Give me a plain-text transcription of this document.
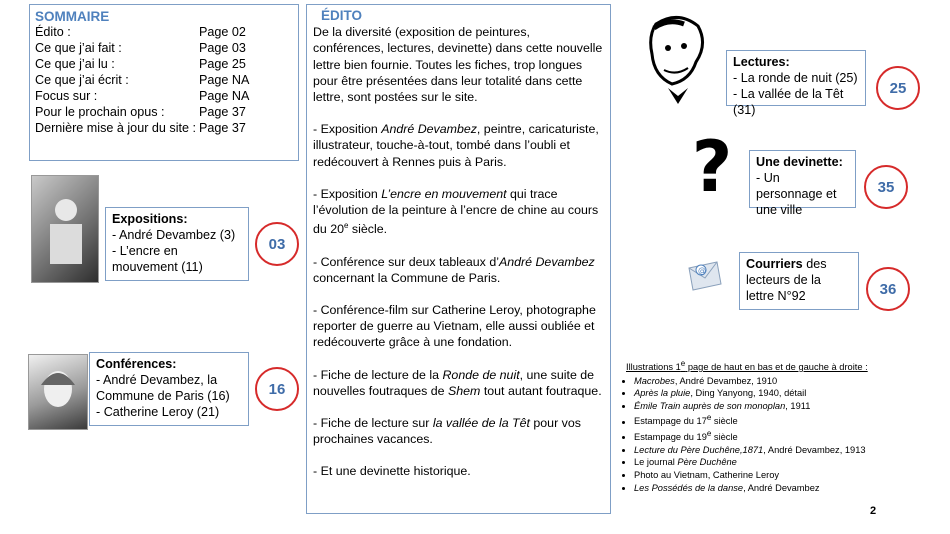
SOMMAIRE
Édito :	Page 02
Ce que j’ai fait :	Page 03
Ce que j’ai lu :	Page 25
Ce que j’ai écrit :	Page NA
Focus sur :	Page NA
Pour le prochain opus :	Page 37
Dernière mise à jour du site : Page 37
ÉDITO

De la diversité (exposition de peintures, conférences, lectures, devinette) dans cette nouvelle lettre bien fournie. Toutes les fiches, trop longues pour être présentées dans leur totalité dans cette lettre, sont postées sur le site.

- Exposition André Devambez, peintre, caricaturiste, illustrateur, touche-à-tout, tombé dans l’oubli et redécouvert à Rennes puis à Paris.

- Exposition L’encre en mouvement qui trace l’évolution de la peinture à l’encre de chine au cours du 20e siècle.

- Conférence sur deux tableaux d’André Devambez concernant la Commune de Paris.

- Conférence-film sur Catherine Leroy, photographe reporter de guerre au Vietnam, elle aussi oubliée et redécouverte grâce à une fondation.

- Fiche de lecture de la Ronde de nuit, une suite de nouvelles foutraques de Shem tout autant foutraque.

- Fiche de lecture sur la vallée de la Têt pour vos prochaines vacances.

- Et une devinette historique.

Expositions:
- André Devambez (3)
- L’encre en mouvement (11)
03
Conférences:
- André Devambez, la Commune de Paris (16)
- Catherine Leroy (21)
16
Lectures:
- La ronde de nuit (25)
- La vallée de la Têt (31)
25
?	Une devinette:
- Un personnage et une ville
35
@	Courriers des lecteurs de la lettre N°92	36
Illustrations 1e page de haut en bas et de gauche à droite :
• Macrobes, André Devambez, 1910
• Après la pluie, Ding Yanyong, 1940, détail
• Émile Train auprès de son monoplan, 1911
• Estampage du 17e siècle
• Estampage du 19e siècle
• Lecture du Père Duchêne,1871, André Devambez, 1913
• Le journal Père Duchêne
• Photo au Vietnam, Catherine Leroy
• Les Possédés de la danse, André Devambez
2
